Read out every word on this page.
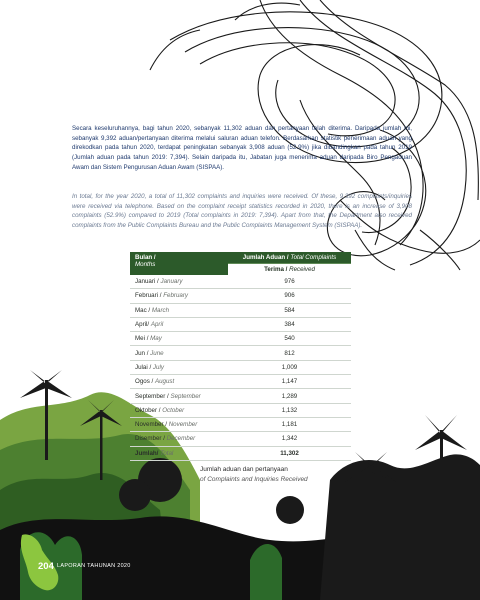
Secara keseluruhannya, bagi tahun 2020, sebanyak 11,302 aduan dan pertanyaan telah diterima. Daripada jumlah ini, sebanyak 9,392 aduan/pertanyaan diterima melalui saluran aduan telefon. Berdasarkan statistik penerimaan aduan yang direkodkan pada tahun 2020, terdapat peningkatan sebanyak 3,908 aduan (52.9%) jika dibandingkan pada tahun 2019 (Jumlah aduan pada tahun 2019: 7,394). Selain daripada itu, Jabatan juga menerima aduan daripada Biro Pengaduan Awam dan Sistem Pengurusan Aduan Awam (SISPAA).

In total, for the year 2020, a total of 11,302 complaints and inquiries were received. Of these, 9,392 complaints/inquiries were received via telephone. Based on the complaint receipt statistics recorded in 2020, there is an increase of 3,908 complaints (52.9%) compared to 2019 (Total complaints in 2019: 7,394). Apart from that, the Department also received complaints from the Public Complaints Bureau and the Public Complaints Management System (SISPAA).

Bulan /
Months	Jumlah Aduan / Total Complaints
	Terima / Received
Januari / January	976
Februari / February	906
Mac / March	584
April/ April	384
Mei / May	540
Jun / June	812
Julai / July	1,009
Ogos / August	1,147
September / September	1,289
Oktober / October	1,132
November / November	1,181
Disember / December	1,342
Jumlah/ Total	11,302
Jumlah aduan dan pertanyaan
of Complaints and Inquiries Received
204 LAPORAN TAHUNAN 2020
